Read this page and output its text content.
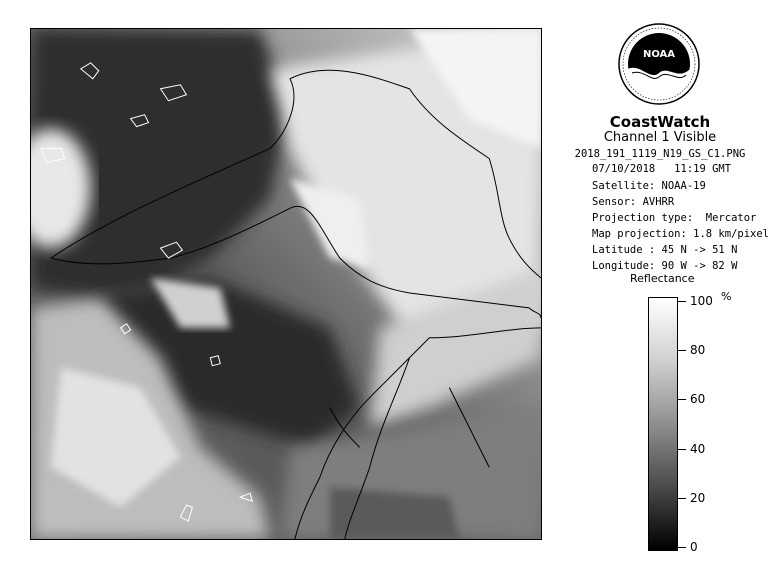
NOAA
CoastWatch
Channel 1 Visible
2018_191_1119_N19_GS_C1.PNG
07/10/2018   11:19 GMT
Satellite: NOAA-19
Sensor: AVHRR
Projection type:  Mercator
Map projection: 1.8 km/pixel
Latitude : 45 N -> 51 N
Longitude: 90 W -> 82 W
Reflectance
%
100
80
60
40
20
0
